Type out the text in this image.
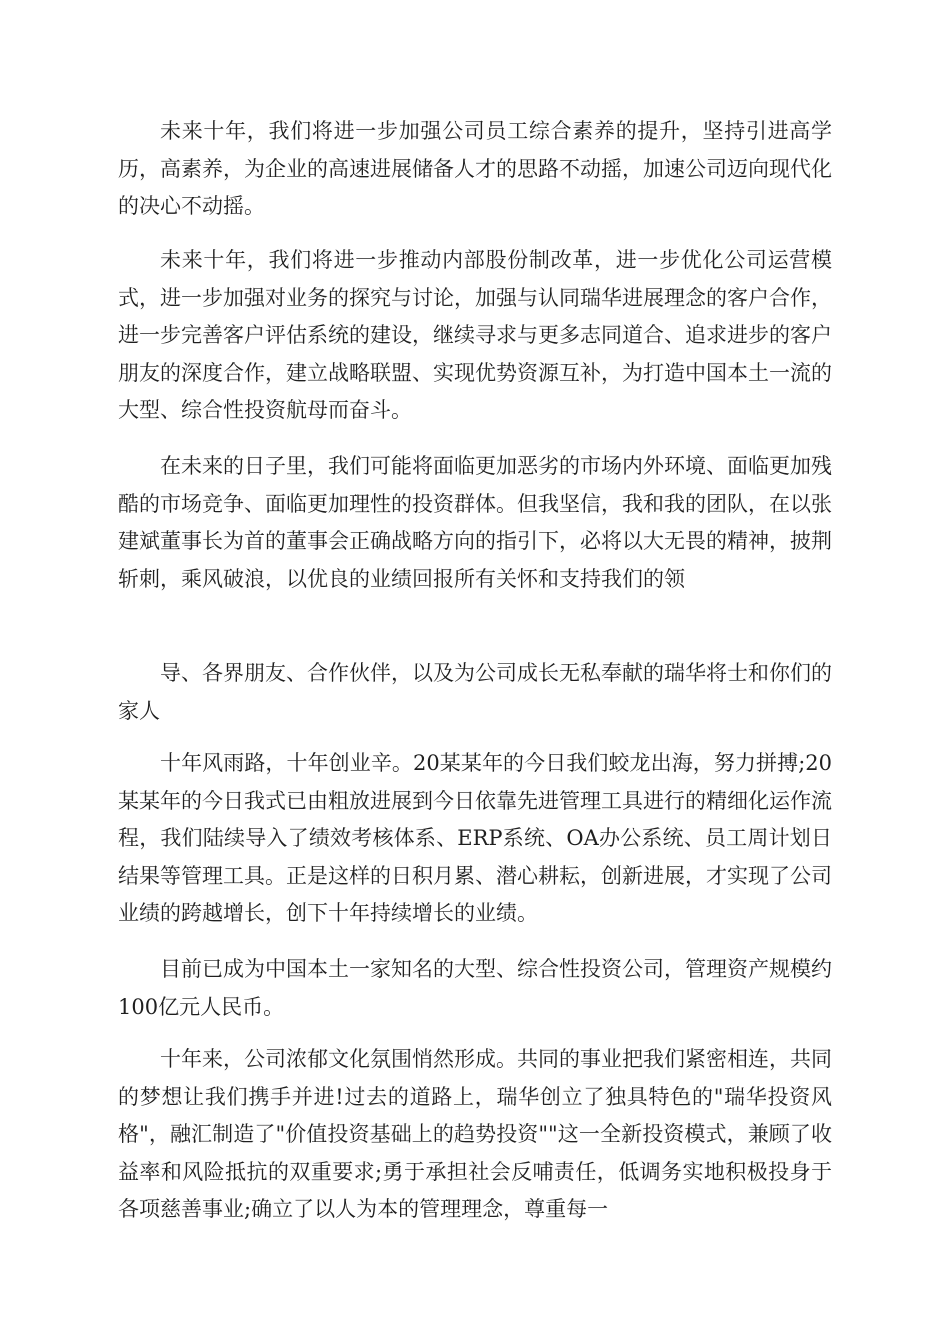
未来十年，我们将进一步加强公司员工综合素养的提升，坚持引进高学历，高素养，为企业的高速进展储备人才的思路不动摇，加速公司迈向现代化的决心不动摇。

未来十年，我们将进一步推动内部股份制改革，进一步优化公司运营模式，进一步加强对业务的探究与讨论，加强与认同瑞华进展理念的客户合作，进一步完善客户评估系统的建设，继续寻求与更多志同道合、追求进步的客户朋友的深度合作，建立战略联盟、实现优势资源互补，为打造中国本土一流的大型、综合性投资航母而奋斗。

在未来的日子里，我们可能将面临更加恶劣的市场内外环境、面临更加残酷的市场竞争、面临更加理性的投资群体。但我坚信，我和我的团队，在以张建斌董事长为首的董事会正确战略方向的指引下，必将以大无畏的精神，披荆斩刺，乘风破浪，以优良的业绩回报所有关怀和支持我们的领

导、各界朋友、合作伙伴，以及为公司成长无私奉献的瑞华将士和你们的家人

十年风雨路，十年创业辛。20某某年的今日我们蛟龙出海，努力拼搏;20某某年的今日我式已由粗放进展到今日依靠先进管理工具进行的精细化运作流程，我们陆续导入了绩效考核体系、ERP系统、OA办公系统、员工周计划日结果等管理工具。正是这样的日积月累、潜心耕耘，创新进展，才实现了公司业绩的跨越增长，创下十年持续增长的业绩。

目前已成为中国本土一家知名的大型、综合性投资公司，管理资产规模约100亿元人民币。

十年来，公司浓郁文化氛围悄然形成。共同的事业把我们紧密相连，共同的梦想让我们携手并进!过去的道路上，瑞华创立了独具特色的"瑞华投资风格"，融汇制造了"价值投资基础上的趋势投资""这一全新投资模式，兼顾了收益率和风险抵抗的双重要求;勇于承担社会反哺责任，低调务实地积极投身于各项慈善事业;确立了以人为本的管理理念，尊重每一
